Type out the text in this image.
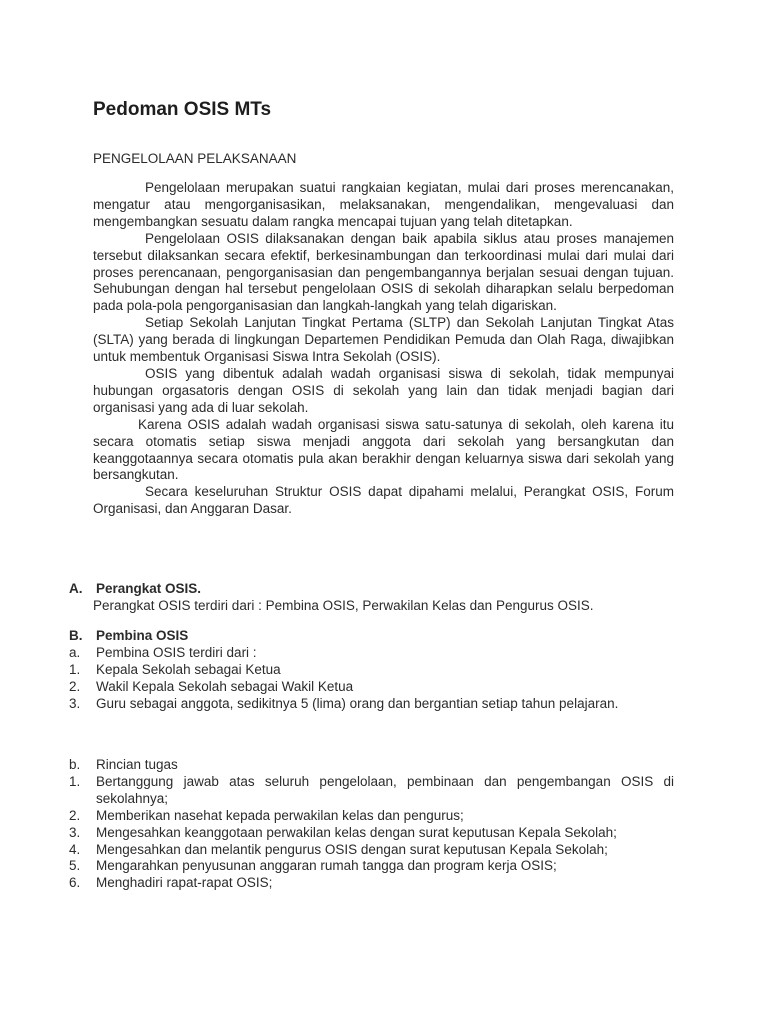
Pedoman OSIS MTs

PENGELOLAAN PELAKSANAAN

Pengelolaan merupakan suatui rangkaian kegiatan, mulai dari proses merencanakan, mengatur atau mengorganisasikan, melaksanakan, mengendalikan, mengevaluasi dan mengembangkan sesuatu dalam rangka mencapai tujuan yang telah ditetapkan.

Pengelolaan OSIS dilaksanakan dengan baik apabila siklus atau proses manajemen tersebut dilaksankan secara efektif, berkesinambungan dan terkoordinasi mulai dari mulai dari proses perencanaan, pengorganisasian dan pengembangannya berjalan sesuai dengan tujuan. Sehubungan dengan hal tersebut pengelolaan OSIS di sekolah diharapkan selalu berpedoman pada pola-pola pengorganisasian dan langkah-langkah yang telah digariskan.

Setiap Sekolah Lanjutan Tingkat Pertama (SLTP) dan Sekolah Lanjutan Tingkat Atas (SLTA) yang berada di lingkungan Departemen Pendidikan Pemuda dan Olah Raga, diwajibkan untuk membentuk Organisasi Siswa Intra Sekolah (OSIS).

OSIS yang dibentuk adalah wadah organisasi siswa di sekolah, tidak mempunyai hubungan orgasatoris dengan OSIS di sekolah yang lain dan tidak menjadi bagian dari organisasi yang ada di luar sekolah.

Karena OSIS adalah wadah organisasi siswa satu-satunya di sekolah, oleh karena itu secara otomatis setiap siswa menjadi anggota dari sekolah yang bersangkutan dan keanggotaannya secara otomatis pula akan berakhir dengan keluarnya siswa dari sekolah yang bersangkutan.

Secara keseluruhan Struktur OSIS dapat dipahami melalui, Perangkat OSIS, Forum Organisasi, dan Anggaran Dasar.

A.	Perangkat OSIS.

Perangkat OSIS terdiri dari : Pembina OSIS, Perwakilan Kelas dan Pengurus OSIS.

B.	Pembina OSIS
a.	Pembina OSIS terdiri dari :
1.	Kepala Sekolah sebagai Ketua
2.	Wakil Kepala Sekolah sebagai Wakil Ketua
3.	Guru sebagai anggota, sedikitnya 5 (lima) orang dan bergantian setiap tahun pelajaran.
b.	Rincian tugas
1.	Bertanggung jawab atas seluruh pengelolaan, pembinaan dan pengembangan OSIS di sekolahnya;
2.	Memberikan nasehat kepada perwakilan kelas dan pengurus;
3.	Mengesahkan keanggotaan perwakilan kelas dengan surat keputusan Kepala Sekolah;
4.	Mengesahkan dan melantik pengurus OSIS dengan surat keputusan Kepala Sekolah;
5.	Mengarahkan penyusunan anggaran rumah tangga dan program kerja OSIS;
6.	Menghadiri rapat-rapat OSIS;
